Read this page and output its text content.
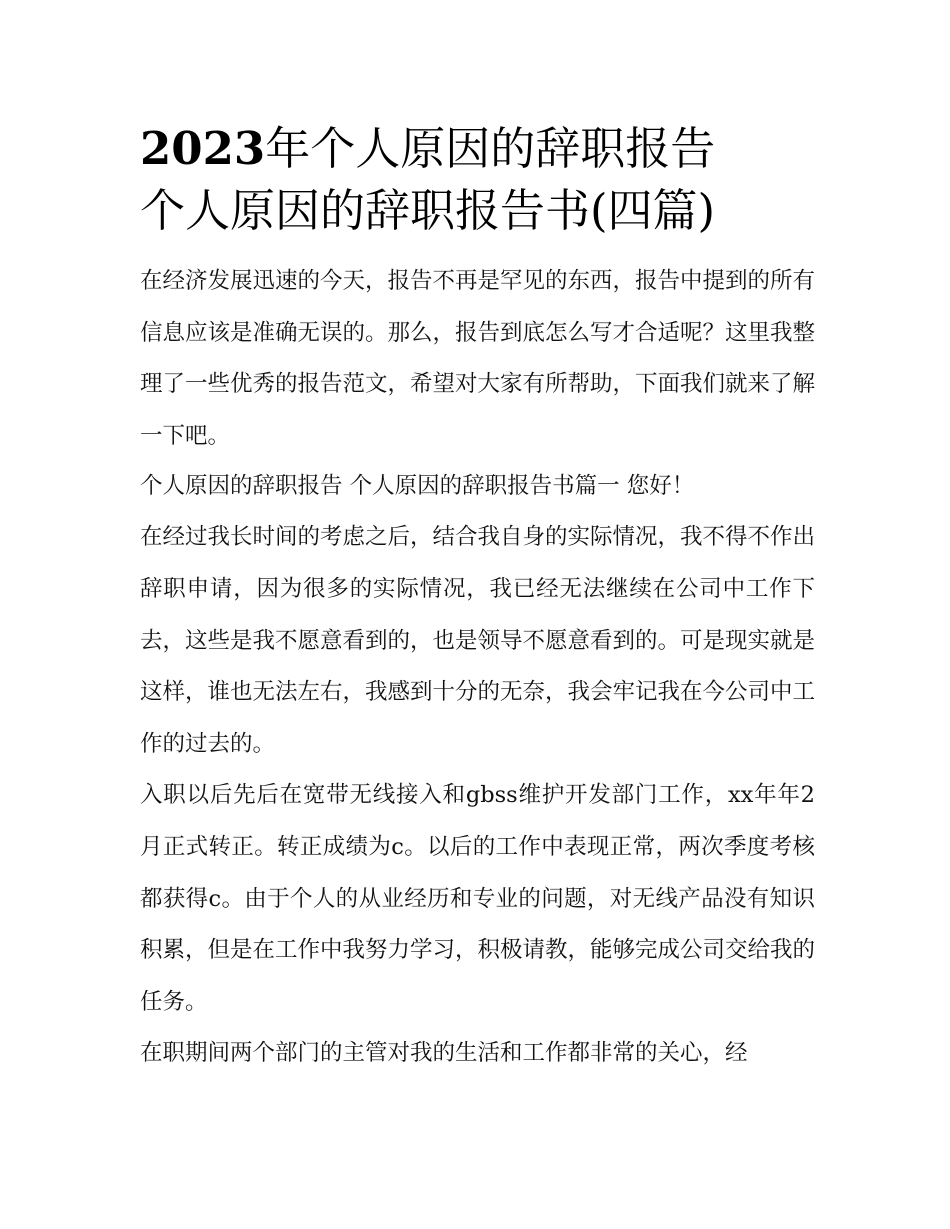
2023年个人原因的辞职报告
个人原因的辞职报告书(四篇)

在经济发展迅速的今天，报告不再是罕见的东西，报告中提到的所有信息应该是准确无误的。那么，报告到底怎么写才合适呢？这里我整理了一些优秀的报告范文，希望对大家有所帮助，下面我们就来了解一下吧。

个人原因的辞职报告 个人原因的辞职报告书篇一 您好！

在经过我长时间的考虑之后，结合我自身的实际情况，我不得不作出辞职申请，因为很多的实际情况，我已经无法继续在公司中工作下去，这些是我不愿意看到的，也是领导不愿意看到的。可是现实就是这样，谁也无法左右，我感到十分的无奈，我会牢记我在今公司中工作的过去的。

入职以后先后在宽带无线接入和gbss维护开发部门工作，xx年年2月正式转正。转正成绩为c。以后的工作中表现正常，两次季度考核都获得c。由于个人的从业经历和专业的问题，对无线产品没有知识积累，但是在工作中我努力学习，积极请教，能够完成公司交给我的任务。

在职期间两个部门的主管对我的生活和工作都非常的关心，经
